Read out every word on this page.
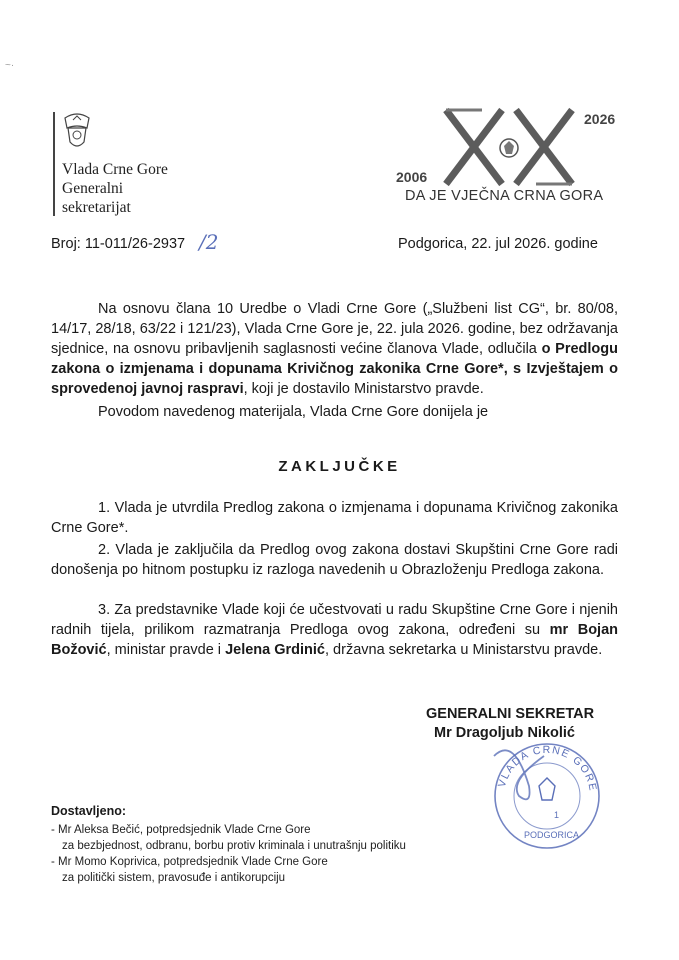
~·
Vlada Crne Gore
Generalni
sekretarijat
2006
2026
DA JE VJEČNA CRNA GORA
Broj: 11-011/26-2937 /2	Podgorica, 22. jul 2026. godine
Na osnovu člana 10 Uredbe o Vladi Crne Gore („Službeni list CG“, br. 80/08, 14/17, 28/18, 63/22 i 121/23), Vlada Crne Gore je, 22. jula 2026. godine, bez održavanja sjednice, na osnovu pribavljenih saglasnosti većine članova Vlade, odlučila o Predlogu zakona o izmjenama i dopunama Krivičnog zakonika Crne Gore*, s Izvještajem o sprovedenoj javnoj raspravi, koji je dostavilo Ministarstvo pravde.
Povodom navedenog materijala, Vlada Crne Gore donijela je
ZAKLJUČKE
1. Vlada je utvrdila Predlog zakona o izmjenama i dopunama Krivičnog zakonika Crne Gore*.
2. Vlada je zaključila da Predlog ovog zakona dostavi Skupštini Crne Gore radi donošenja po hitnom postupku iz razloga navedenih u Obrazloženju Predloga zakona.
3. Za predstavnike Vlade koji će učestvovati u radu Skupštine Crne Gore i njenih radnih tijela, prilikom razmatranja Predloga ovog zakona, određeni su mr Bojan Božović, ministar pravde i Jelena Grdinić, državna sekretarka u Ministarstvu pravde.
GENERALNI SEKRETAR
Mr Dragoljub Nikolić
VLADA CRNE GORE
1
PODGORICA
Dostavljeno:
- Mr Aleksa Bečić, potpredsjednik Vlade Crne Gore
za bezbjednost, odbranu, borbu protiv kriminala i unutrašnju politiku
- Mr Momo Koprivica, potpredsjednik Vlade Crne Gore
za politički sistem, pravosuđe i antikorupciju
